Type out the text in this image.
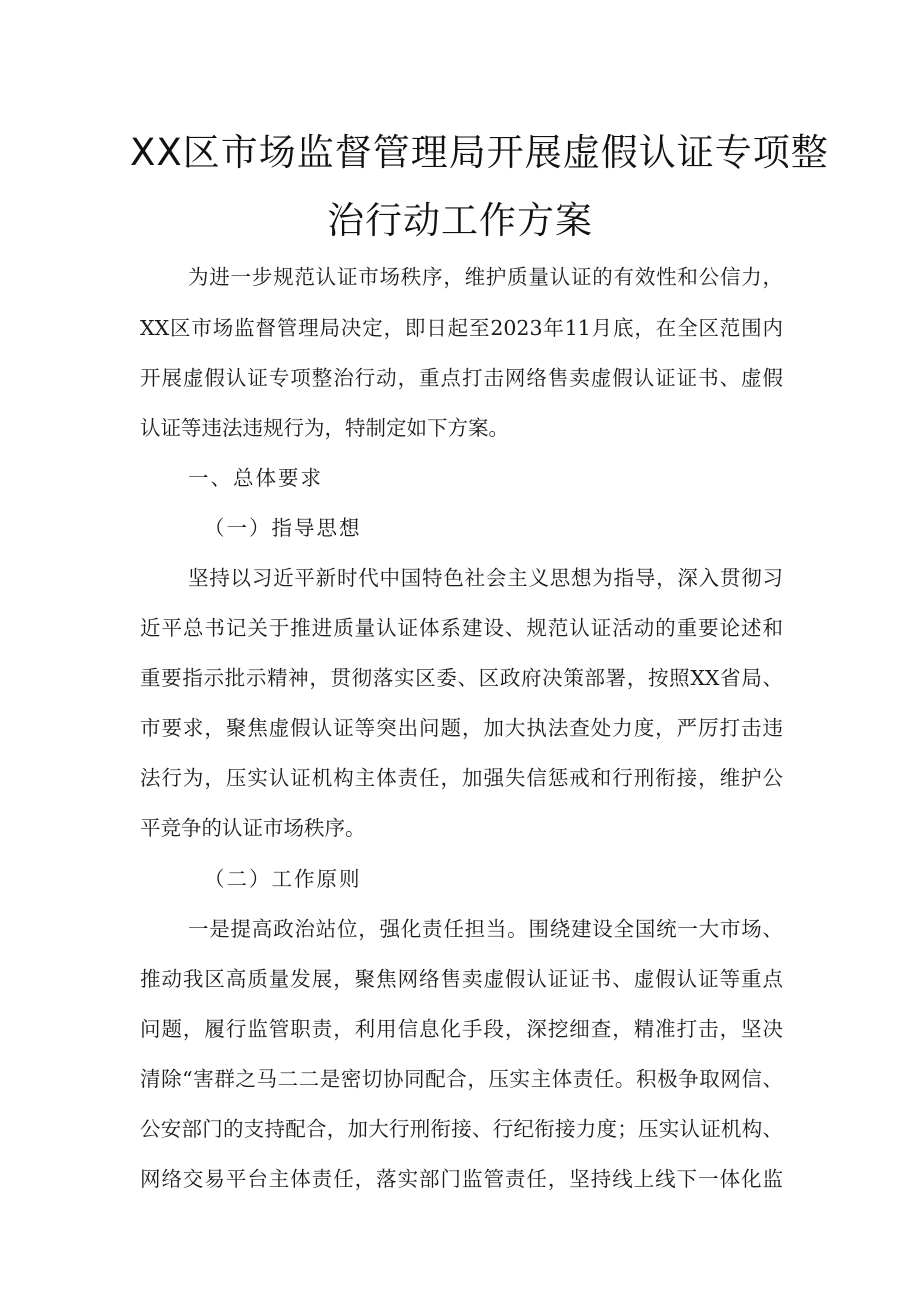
XX区市场监督管理局开展虚假认证专项整
治行动工作方案
为进一步规范认证市场秩序，维护质量认证的有效性和公信力，
XX区市场监督管理局决定，即日起至2023年11月底，在全区范围内
开展虚假认证专项整治行动，重点打击网络售卖虚假认证证书、虚假
认证等违法违规行为，特制定如下方案。
一、总体要求
（一）指导思想
坚持以习近平新时代中国特色社会主义思想为指导，深入贯彻习
近平总书记关于推进质量认证体系建设、规范认证活动的重要论述和
重要指示批示精神，贯彻落实区委、区政府决策部署，按照XX省局、
市要求，聚焦虚假认证等突出问题，加大执法查处力度，严厉打击违
法行为，压实认证机构主体责任，加强失信惩戒和行刑衔接，维护公
平竞争的认证市场秩序。
（二）工作原则
一是提高政治站位，强化责任担当。围绕建设全国统一大市场、
推动我区高质量发展，聚焦网络售卖虚假认证证书、虚假认证等重点
问题，履行监管职责，利用信息化手段，深挖细查，精准打击，坚决
清除“害群之马二二是密切协同配合，压实主体责任。积极争取网信、
公安部门的支持配合，加大行刑衔接、行纪衔接力度；压实认证机构、
网络交易平台主体责任，落实部门监管责任，坚持线上线下一体化监
